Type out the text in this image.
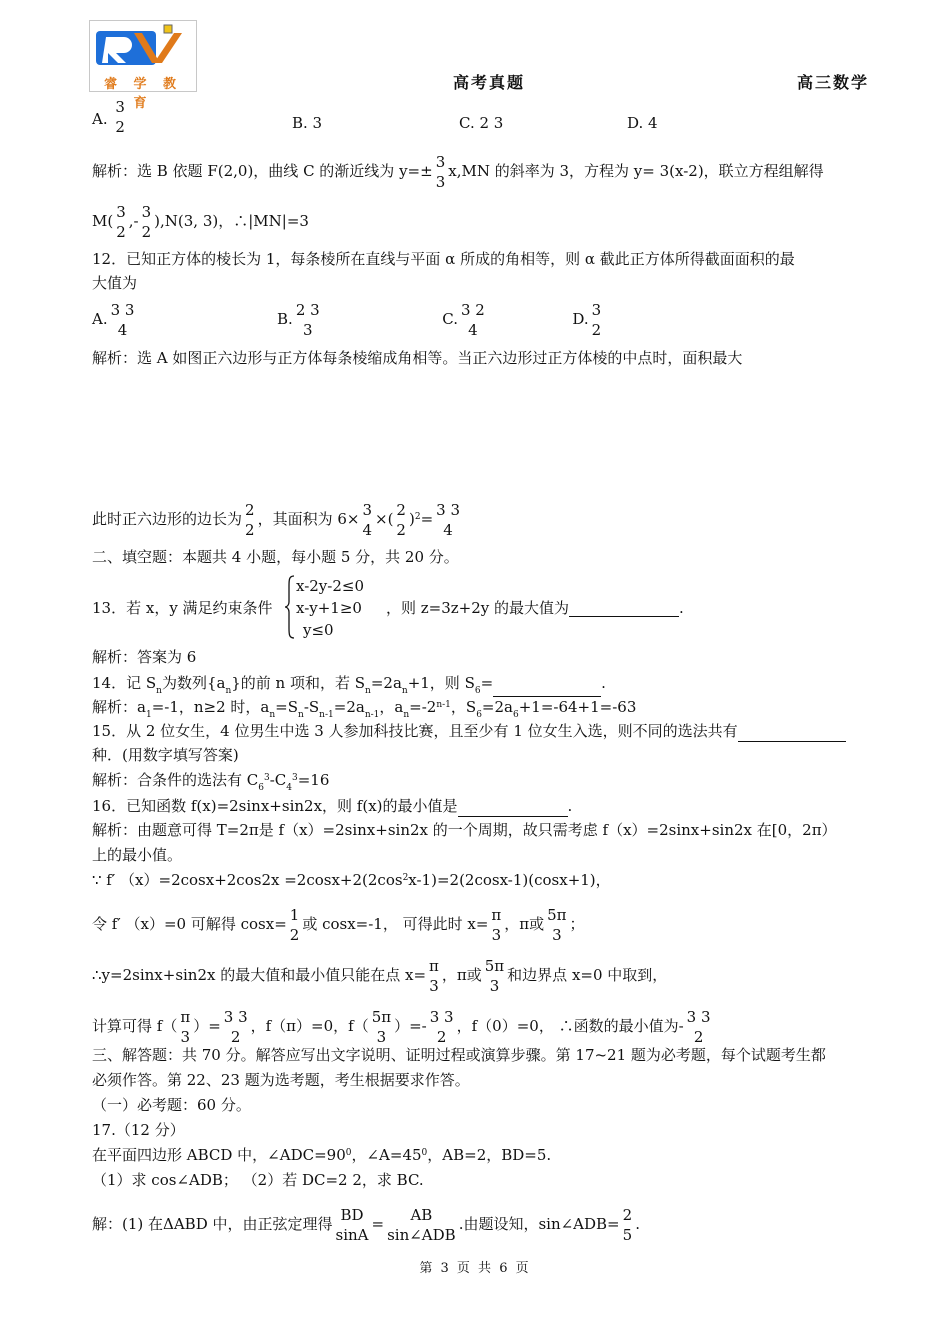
睿 学 教 育
高考真题	高三数学
A.
3
2	B. 3	C. 2 3	D. 4
解析：选 B 依题 F(2,0)，曲线 C 的渐近线为 y=± 3
3
x,MN 的斜率为 3，方程为 y= 3(x-2)，联立方程组解得
M( 3
2
,- 3
2
),N(3, 3)，∴|MN|=3
12．已知正方体的棱长为 1，每条棱所在直线与平面 α 所成的角相等，则 α 截此正方体所得截面面积的最
大值为
A. 3 3
4
B. 2 3
3
C. 3 2
4
D. 3
2
解析：选 A 如图正六边形与正方体每条棱缩成角相等。当正六边形过正方体棱的中点时，面积最大
此时正六边形的边长为 2
2
，其面积为 6× 3
4
×( 2
2
)$^2$= 3 3
4
二、填空题：本题共 4 小题，每小题 5 分，共 20 分。
13．若 x，y 满足约束条件
x-2y-2≤0
x-y+1≥0
y≤0
，则 z=3z+2y 的最大值为	.
解析：答案为 6
14．记 $S_n$为数列$\{a_n\}$的前 n 项和，若 $S_n=2a_n+1$，则 $S_6=$	.
解析：$a_1=-1$，n≥2 时，$a_n=S_n-S_{n-1}=2a_{n-1}$，$a_n=-2^{n-1}$，$S_6=2a_6+1=-64+1=-63$
15．从 2 位女生，4 位男生中选 3 人参加科技比赛，且至少有 1 位女生入选，则不同的选法共有
种．(用数字填写答案)
解析：合条件的选法有 $C_6^3-C_4^3=16$
16．已知函数 f(x)=2sinx+sin2x，则 f(x)的最小值是	.
解析：由题意可得 T=2π是 f（x）=2sinx+sin2x 的一个周期，故只需考虑 f（x）=2sinx+sin2x 在[0，2π）
上的最小值。
∵ f′ $(x)=2\cos x+2\cos 2x =2\cos x+2(2\cos^2x-1)=2(2\cos x-1)(\cos x+1)$，
令 f′ （x）=0 可解得 cosx= 1
2
或 cosx=-1， 可得此时 x= π
3
，π或 5π
3
；
∴y=2sinx+sin2x 的最大值和最小值只能在点 x= π
3
，π或 5π
3
和边界点 x=0 中取到，
计算可得 f（ π
3
）= 3 3
2
，f（π）=0，f（ 5π
3
）=- 3 3
2
，f（0）=0， ∴函数的最小值为- 3 3
2
三、解答题：共 70 分。解答应写出文字说明、证明过程或演算步骤。第 17~21 题为必考题，每个试题考生都
必须作答。第 22、23 题为选考题，考生根据要求作答。
（一）必考题：60 分。
17.（12 分）
在平面四边形 ABCD 中，$\angle ADC=90^0$，$\angle A=45^0$，AB=2，BD=5.
（1）求 cos∠ADB； （2）若 DC=2 2，求 BC.
解：(1) 在ΔABD 中，由正弦定理得 BD
sinA
=	AB
sin∠ADB
.由题设知，sin∠ADB= 2
5
.
第 3 页 共 6 页
